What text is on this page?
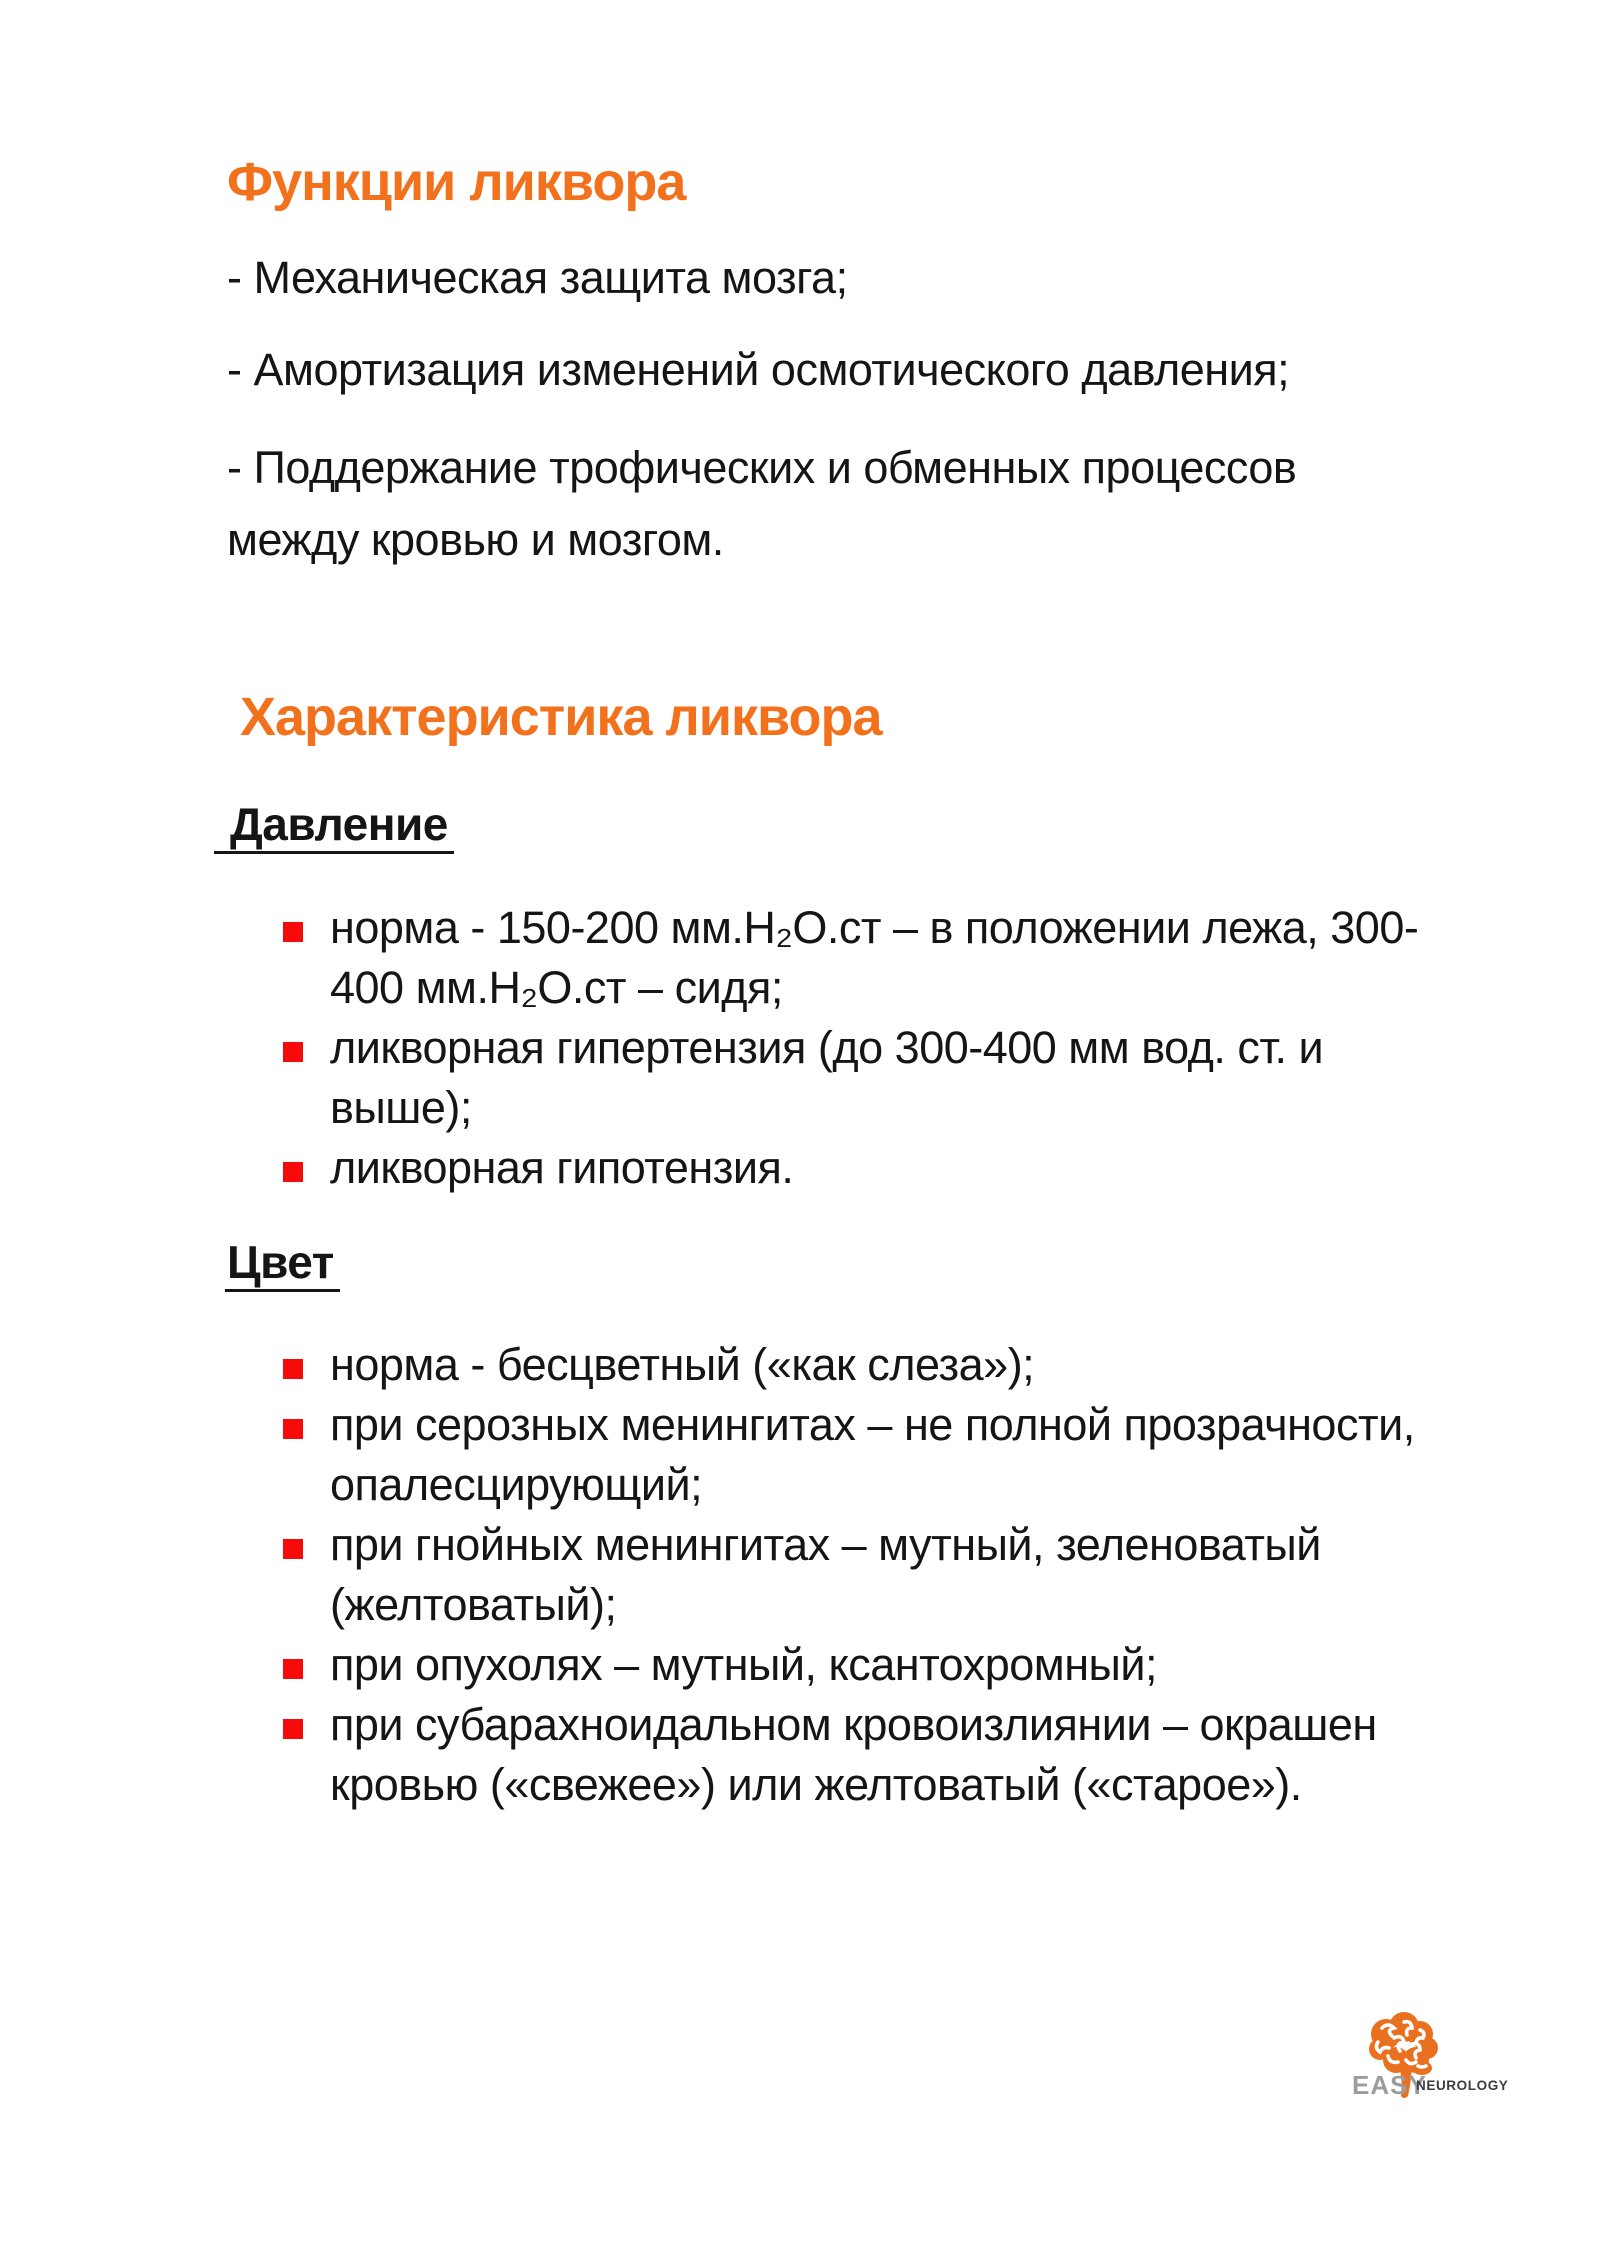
Функции ликвора
- Механическая защита мозга;
- Амортизация изменений осмотического давления;
- Поддержание трофических и обменных процессов между кровью и мозгом.
Характеристика ликвора
Давление
норма - 150-200 мм.H₂O.ст – в положении лежа, 300-400 мм.H₂O.ст – сидя;
ликворная гипертензия (до 300-400 мм вод. ст. и выше);
ликворная гипотензия.
Цвет
норма - бесцветный («как слеза»);
при серозных менингитах – не полной прозрачности, опалесцирующий;
при гнойных менингитах – мутный, зеленоватый (желтоватый);
при опухолях – мутный, ксантохромный;
при субарахноидальном кровоизлиянии – окрашен кровью («свежее») или желтоватый («старое»).
EASY
NEUROLOGY
